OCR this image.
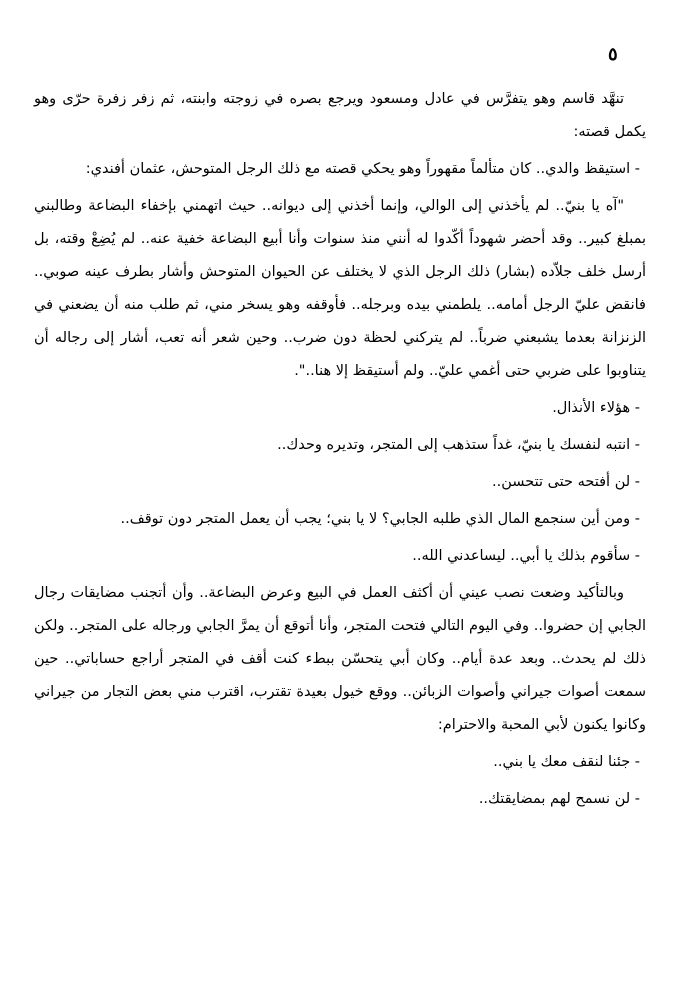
٥

تنهَّد قاسم وهو يتفرَّس في عادل ومسعود ويرجع بصره في زوجته وابنته، ثم زفر زفرة حرّى وهو يكمل قصته:

- استيقظ والدي.. كان متألماً مقهوراً وهو يحكي قصته مع ذلك الرجل المتوحش، عثمان أفندي:

"آه يا بنيّ.. لم يأخذني إلى الوالي، وإنما أخذني إلى ديوانه.. حيث اتهمني بإخفاء البضاعة وطالبني بمبلغ كبير.. وقد أحضر شهوداً أكّدوا له أنني منذ سنوات وأنا أبيع البضاعة خفية عنه.. لم يُضِعْ وقته، بل أرسل خلف جلاّده (بشار) ذلك الرجل الذي لا يختلف عن الحيوان المتوحش وأشار بطرف عينه صوبي.. فانقض عليّ الرجل أمامه.. يلطمني بيده وبرجله.. فأوقفه وهو يسخر مني، ثم طلب منه أن يضعني في الزنزانة بعدما يشبعني ضرباً.. لم يتركني لحظة دون ضرب.. وحين شعر أنه تعب، أشار إلى رجاله أن يتناوبوا على ضربي حتى أغمي عليّ.. ولم أستيقظ إلا هنا..".

- هؤلاء الأنذال.

- انتبه لنفسك يا بنيّ، غداً ستذهب إلى المتجر، وتديره وحدك..

- لن أفتحه حتى تتحسن..

- ومن أين سنجمع المال الذي طلبه الجابي؟ لا يا بني؛ يجب أن يعمل المتجر دون توقف..

- سأقوم بذلك يا أبي.. ليساعدني الله..

وبالتأكيد وضعت نصب عيني أن أكثف العمل في البيع وعرض البضاعة.. وأن أتجنب مضايقات رجال الجابي إن حضروا.. وفي اليوم التالي فتحت المتجر، وأنا أتوقع أن يمرَّ الجابي ورجاله على المتجر.. ولكن ذلك لم يحدث.. وبعد عدة أيام.. وكان أبي يتحسّن ببطء كنت أقف في المتجر أراجع حساباتي.. حين سمعت أصوات جيراني وأصوات الزبائن.. ووقع خيول بعيدة تقترب، اقترب مني بعض التجار من جيراني وكانوا يكنون لأبي المحبة والاحترام:

- جئنا لنقف معك يا بني..

- لن نسمح لهم بمضايقتك..
